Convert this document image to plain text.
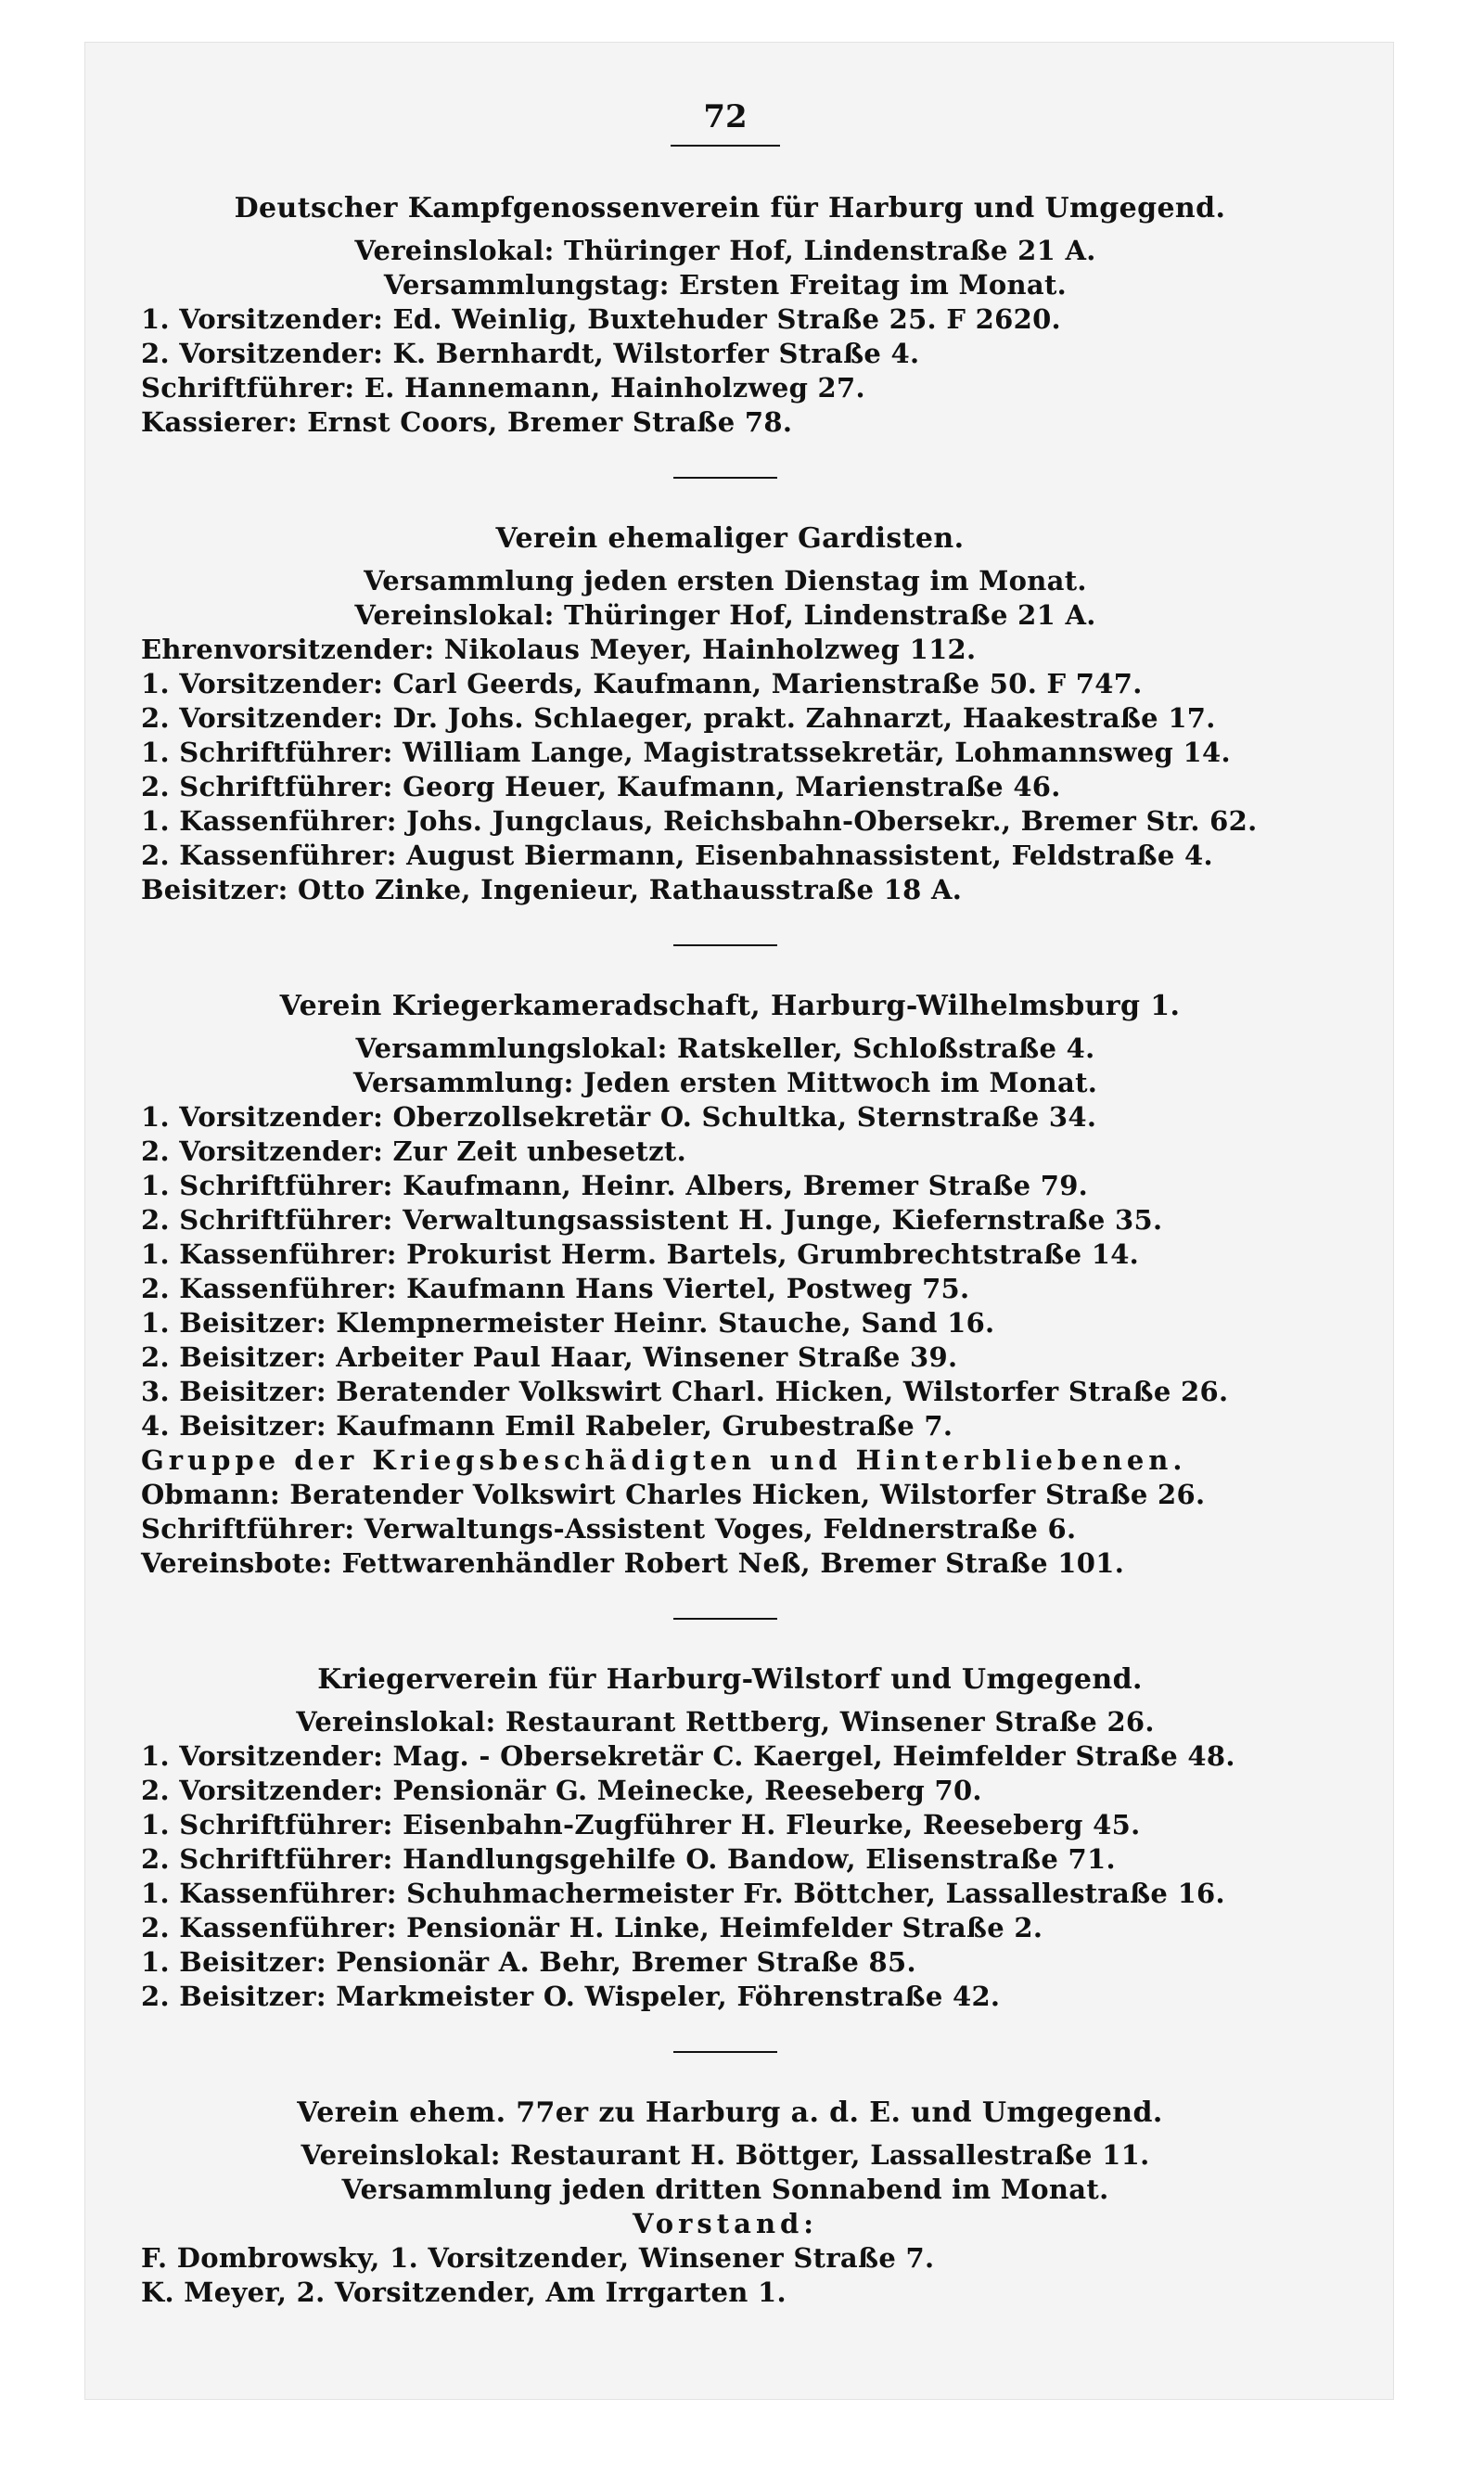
72
Deutscher Kampfgenossenverein für Harburg und Umgegend.
Vereinslokal: Thüringer Hof, Lindenstraße 21 A.
Versammlungstag: Ersten Freitag im Monat.
1. Vorsitzender: Ed. Weinlig, Buxtehuder Straße 25. F 2620.
2. Vorsitzender: K. Bernhardt, Wilstorfer Straße 4.
Schriftführer: E. Hannemann, Hainholzweg 27.
Kassierer: Ernst Coors, Bremer Straße 78.
Verein ehemaliger Gardisten.
Versammlung jeden ersten Dienstag im Monat.
Vereinslokal: Thüringer Hof, Lindenstraße 21 A.
Ehrenvorsitzender: Nikolaus Meyer, Hainholzweg 112.
1. Vorsitzender: Carl Geerds, Kaufmann, Marienstraße 50. F 747.
2. Vorsitzender: Dr. Johs. Schlaeger, prakt. Zahnarzt, Haakestraße 17.
1. Schriftführer: William Lange, Magistratssekretär, Lohmannsweg 14.
2. Schriftführer: Georg Heuer, Kaufmann, Marienstraße 46.
1. Kassenführer: Johs. Jungclaus, Reichsbahn-Obersekr., Bremer Str. 62.
2. Kassenführer: August Biermann, Eisenbahnassistent, Feldstraße 4.
Beisitzer: Otto Zinke, Ingenieur, Rathausstraße 18 A.
Verein Kriegerkameradschaft, Harburg-Wilhelmsburg 1.
Versammlungslokal: Ratskeller, Schloßstraße 4.
Versammlung: Jeden ersten Mittwoch im Monat.
1. Vorsitzender: Oberzollsekretär O. Schultka, Sternstraße 34.
2. Vorsitzender: Zur Zeit unbesetzt.
1. Schriftführer: Kaufmann, Heinr. Albers, Bremer Straße 79.
2. Schriftführer: Verwaltungsassistent H. Junge, Kiefernstraße 35.
1. Kassenführer: Prokurist Herm. Bartels, Grumbrechtstraße 14.
2. Kassenführer: Kaufmann Hans Viertel, Postweg 75.
1. Beisitzer: Klempnermeister Heinr. Stauche, Sand 16.
2. Beisitzer: Arbeiter Paul Haar, Winsener Straße 39.
3. Beisitzer: Beratender Volkswirt Charl. Hicken, Wilstorfer Straße 26.
4. Beisitzer: Kaufmann Emil Rabeler, Grubestraße 7.
Gruppe der Kriegsbeschädigten und Hinterbliebenen.
Obmann: Beratender Volkswirt Charles Hicken, Wilstorfer Straße 26.
Schriftführer: Verwaltungs-Assistent Voges, Feldnerstraße 6.
Vereinsbote: Fettwarenhändler Robert Neß, Bremer Straße 101.
Kriegerverein für Harburg-Wilstorf und Umgegend.
Vereinslokal: Restaurant Rettberg, Winsener Straße 26.
1. Vorsitzender: Mag. - Obersekretär C. Kaergel, Heimfelder Straße 48.
2. Vorsitzender: Pensionär G. Meinecke, Reeseberg 70.
1. Schriftführer: Eisenbahn-Zugführer H. Fleurke, Reeseberg 45.
2. Schriftführer: Handlungsgehilfe O. Bandow, Elisenstraße 71.
1. Kassenführer: Schuhmachermeister Fr. Böttcher, Lassallestraße 16.
2. Kassenführer: Pensionär H. Linke, Heimfelder Straße 2.
1. Beisitzer: Pensionär A. Behr, Bremer Straße 85.
2. Beisitzer: Markmeister O. Wispeler, Föhrenstraße 42.
Verein ehem. 77er zu Harburg a. d. E. und Umgegend.
Vereinslokal: Restaurant H. Böttger, Lassallestraße 11.
Versammlung jeden dritten Sonnabend im Monat.
Vorstand:
F. Dombrowsky, 1. Vorsitzender, Winsener Straße 7.
K. Meyer, 2. Vorsitzender, Am Irrgarten 1.
